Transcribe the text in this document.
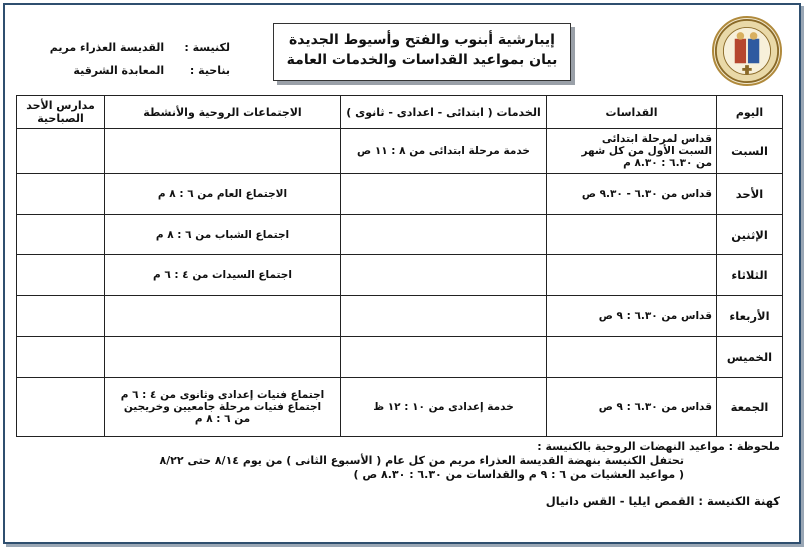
إيبارشية أبنوب والفتح وأسيوط الجديدة
بيان بمواعيد القداسات والخدمات العامة
لكنيسة : القديسة العذراء مريم
بناحية : المعابدة الشرقية
اليوم	القداسات	الخدمات ( ابتدائى - اعدادى - ثانوى )	الاجتماعات الروحية والأنشطة	مدارس الأحد الصباحية
السبت	قداس لمرحلة ابتدائى
السبت الأول من كل شهر
من ٦.٣٠ : ٨.٣٠ م	خدمة مرحلة ابتدائى من ٨ : ١١ ص		

الأحد	قداس من ٦.٣٠ - ٩.٣٠ ص		الاجتماع العام من ٦ : ٨ م	

الإثنين			اجتماع الشباب من ٦ : ٨ م	

الثلاثاء			اجتماع السيدات من ٤ : ٦ م	

الأربعاء	قداس من ٦.٣٠ : ٩ ص			

الخميس				
الجمعة	قداس من ٦.٣٠ : ٩ ص	خدمة إعدادى من ١٠ : ١٢ ظ	اجتماع فتيات إعدادى وثانوى من ٤ : ٦ م
اجتماع فتيات مرحلة جامعيين وخريجين
من ٦ : ٨ م	

ملحوظة : مواعيد النهضات الروحية بالكنيسة :
تحتفل الكنيسة بنهضة القديسة العذراء مريم من كل عام ( الأسبوع الثانى ) من يوم ٨/١٤ حتى ٨/٢٢
( مواعيد العشيات من ٦ : ٩ م والقداسات من ٦.٣٠ : ٨.٣٠ ص )
كهنة الكنيسة : القمص ايليا - القس دانيال
